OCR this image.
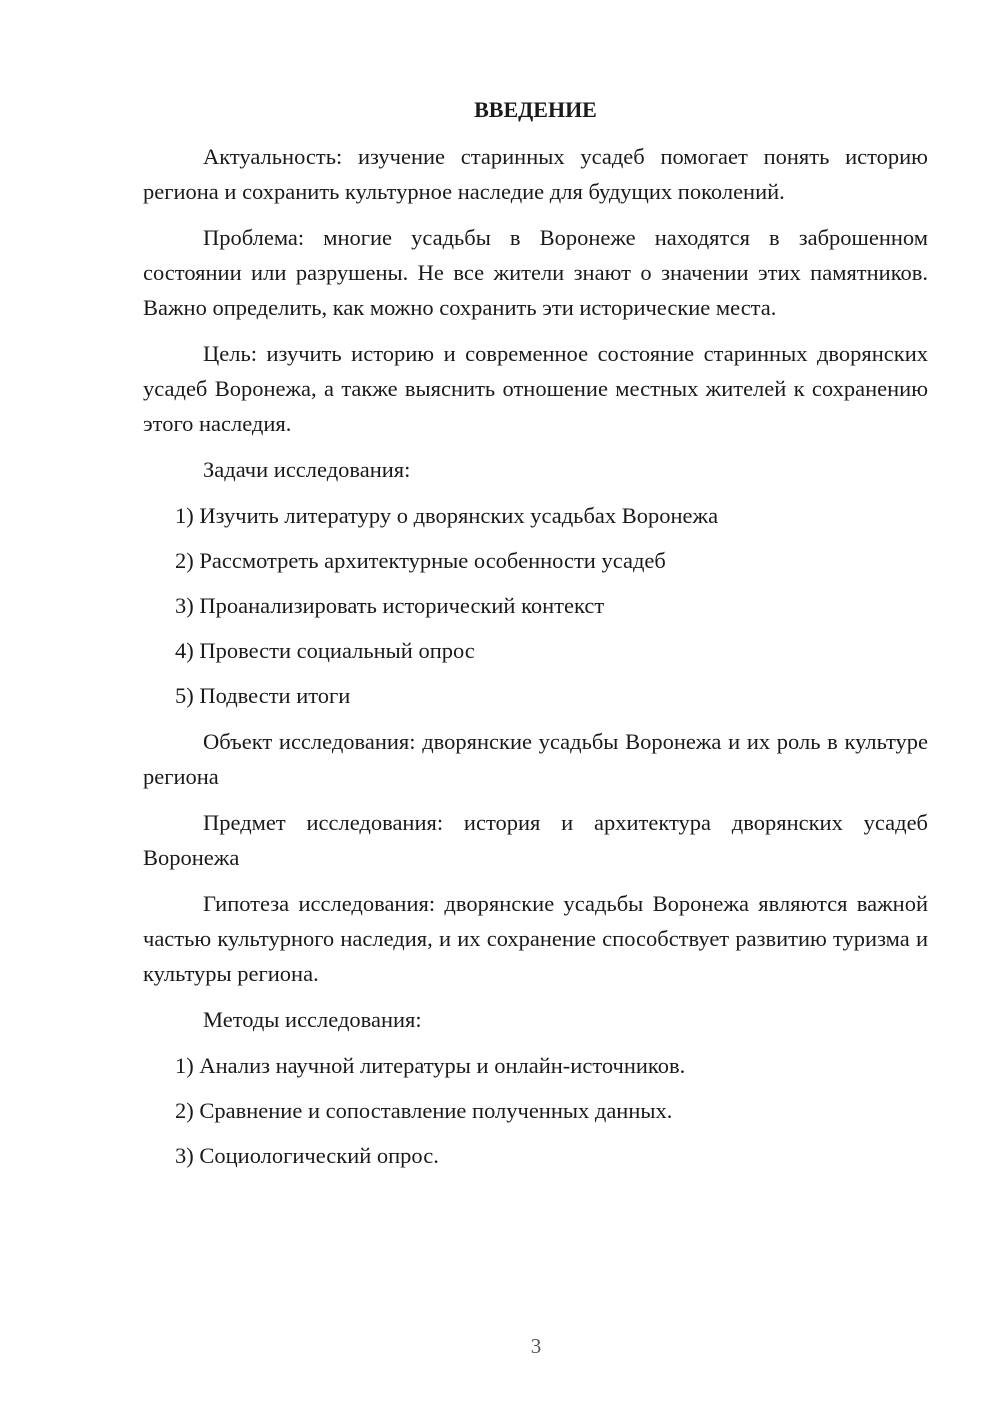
ВВЕДЕНИЕ

Актуальность: изучение старинных усадеб помогает понять историю региона и сохранить культурное наследие для будущих поколений.

Проблема: многие усадьбы в Воронеже находятся в заброшенном состоянии или разрушены. Не все жители знают о значении этих памятников. Важно определить, как можно сохранить эти исторические места.

Цель: изучить историю и современное состояние старинных дворянских усадеб Воронежа, а также выяснить отношение местных жителей к сохранению этого наследия.

Задачи исследования:

1) Изучить литературу о дворянских усадьбах Воронежа
2) Рассмотреть архитектурные особенности усадеб
3) Проанализировать исторический контекст
4) Провести социальный опрос
5) Подвести итоги

Объект исследования: дворянские усадьбы Воронежа и их роль в культуре региона

Предмет исследования: история и архитектура дворянских усадеб Воронежа

Гипотеза исследования: дворянские усадьбы Воронежа являются важной частью культурного наследия, и их сохранение способствует развитию туризма и культуры региона.

Методы исследования:

1) Анализ научной литературы и онлайн-источников.
2) Сравнение и сопоставление полученных данных.
3) Социологический опрос.
3
